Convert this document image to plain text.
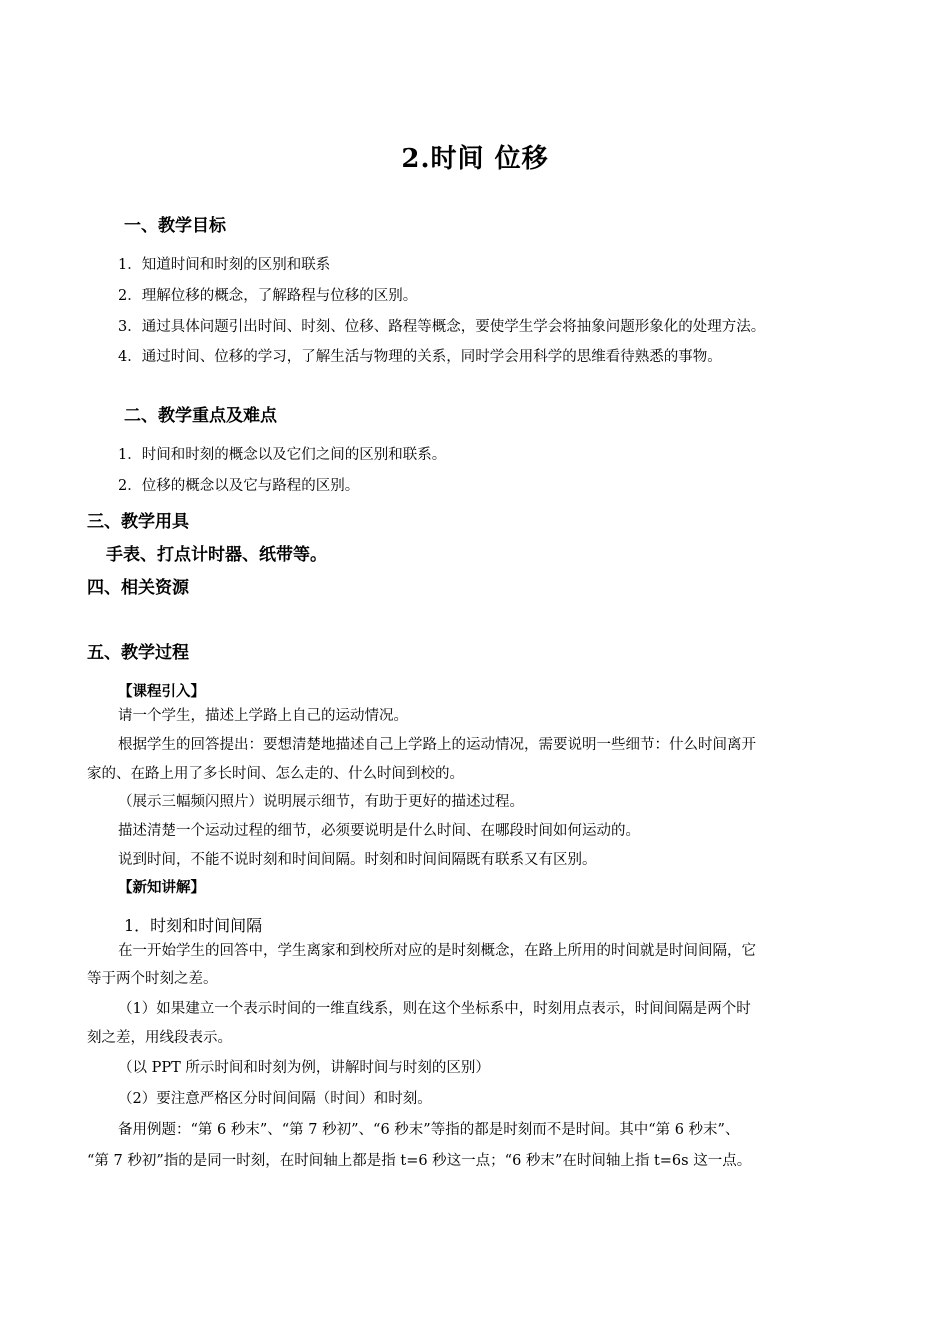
2.时间 位移
一、教学目标
1．知道时间和时刻的区别和联系
2．理解位移的概念，了解路程与位移的区别。
3．通过具体问题引出时间、时刻、位移、路程等概念，要使学生学会将抽象问题形象化的处理方法。
4．通过时间、位移的学习，了解生活与物理的关系，同时学会用科学的思维看待熟悉的事物。
二、教学重点及难点
1．时间和时刻的概念以及它们之间的区别和联系。
2．位移的概念以及它与路程的区别。
三、教学用具
手表、打点计时器、纸带等。
四、相关资源
五、教学过程
【课程引入】
请一个学生，描述上学路上自己的运动情况。
根据学生的回答提出：要想清楚地描述自己上学路上的运动情况，需要说明一些细节：什么时间离开
家的、在路上用了多长时间、怎么走的、什么时间到校的。
（展示三幅频闪照片）说明展示细节，有助于更好的描述过程。
描述清楚一个运动过程的细节，必须要说明是什么时间、在哪段时间如何运动的。
说到时间，不能不说时刻和时间间隔。时刻和时间间隔既有联系又有区别。
【新知讲解】
1．时刻和时间间隔
在一开始学生的回答中，学生离家和到校所对应的是时刻概念，在路上所用的时间就是时间间隔，它
等于两个时刻之差。
（1）如果建立一个表示时间的一维直线系，则在这个坐标系中，时刻用点表示，时间间隔是两个时
刻之差，用线段表示。
（以 PPT 所示时间和时刻为例，讲解时间与时刻的区别）
（2）要注意严格区分时间间隔（时间）和时刻。
备用例题：“第 6 秒末”、“第 7 秒初”、“6 秒末”等指的都是时刻而不是时间。其中“第 6 秒末”、
“第 7 秒初”指的是同一时刻，在时间轴上都是指 t=6 秒这一点；“6 秒末”在时间轴上指 t=6s 这一点。
